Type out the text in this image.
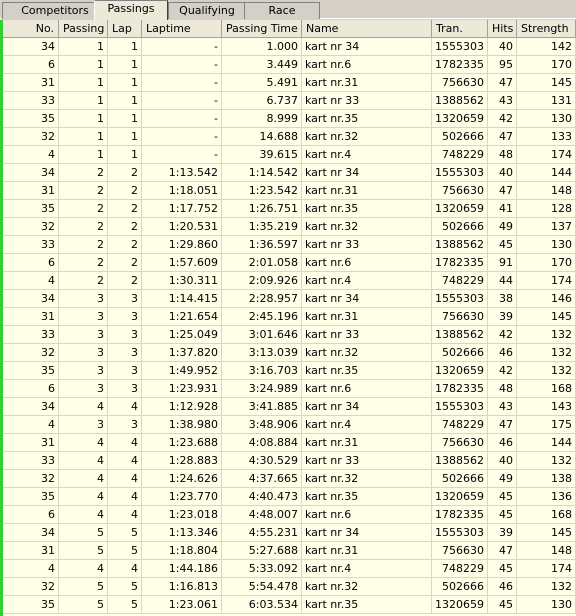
Competitors	Passings	Qualifying	Race
No. Passing Lap	Laptime	Passing Time Name	Tran.	Hits Strength
34	1	1	-	1.000 kart nr 34	1555303	40	142
6	1	1	-	3.449 kart nr.6	1782335	95	170
31	1	1	-	5.491 kart nr.31	756630	47	145
33	1	1	-	6.737 kart nr 33	1388562	43	131
35	1	1	-	8.999 kart nr.35	1320659	42	130
32	1	1	-	14.688 kart nr.32	502666	47	133
4	1	1	-	39.615 kart nr.4	748229	48	174
34	2	2	1:13.542	1:14.542 kart nr 34	1555303	40	144
31	2	2	1:18.051	1:23.542 kart nr.31	756630	47	148
35	2	2	1:17.752	1:26.751 kart nr.35	1320659	41	128
32	2	2	1:20.531	1:35.219 kart nr.32	502666	49	137
33	2	2	1:29.860	1:36.597 kart nr 33	1388562	45	130
6	2	2	1:57.609	2:01.058 kart nr.6	1782335	91	170
4	2	2	1:30.311	2:09.926 kart nr.4	748229	44	174
34	3	3	1:14.415	2:28.957 kart nr 34	1555303	38	146
31	3	3	1:21.654	2:45.196 kart nr.31	756630	39	145
33	3	3	1:25.049	3:01.646 kart nr 33	1388562	42	132
32	3	3	1:37.820	3:13.039 kart nr.32	502666	46	132
35	3	3	1:49.952	3:16.703 kart nr.35	1320659	42	132
6	3	3	1:23.931	3:24.989 kart nr.6	1782335	48	168
34	4	4	1:12.928	3:41.885 kart nr 34	1555303	43	143
4	3	3	1:38.980	3:48.906 kart nr.4	748229	47	175
31	4	4	1:23.688	4:08.884 kart nr.31	756630	46	144
33	4	4	1:28.883	4:30.529 kart nr 33	1388562	40	132
32	4	4	1:24.626	4:37.665 kart nr.32	502666	49	138
35	4	4	1:23.770	4:40.473 kart nr.35	1320659	45	136
6	4	4	1:23.018	4:48.007 kart nr.6	1782335	45	168
34	5	5	1:13.346	4:55.231 kart nr 34	1555303	39	145
31	5	5	1:18.804	5:27.688 kart nr.31	756630	47	148
4	4	4	1:44.186	5:33.092 kart nr.4	748229	45	174
32	5	5	1:16.813	5:54.478 kart nr.32	502666	46	132
35	5	5	1:23.061	6:03.534 kart nr.35	1320659	45	130
